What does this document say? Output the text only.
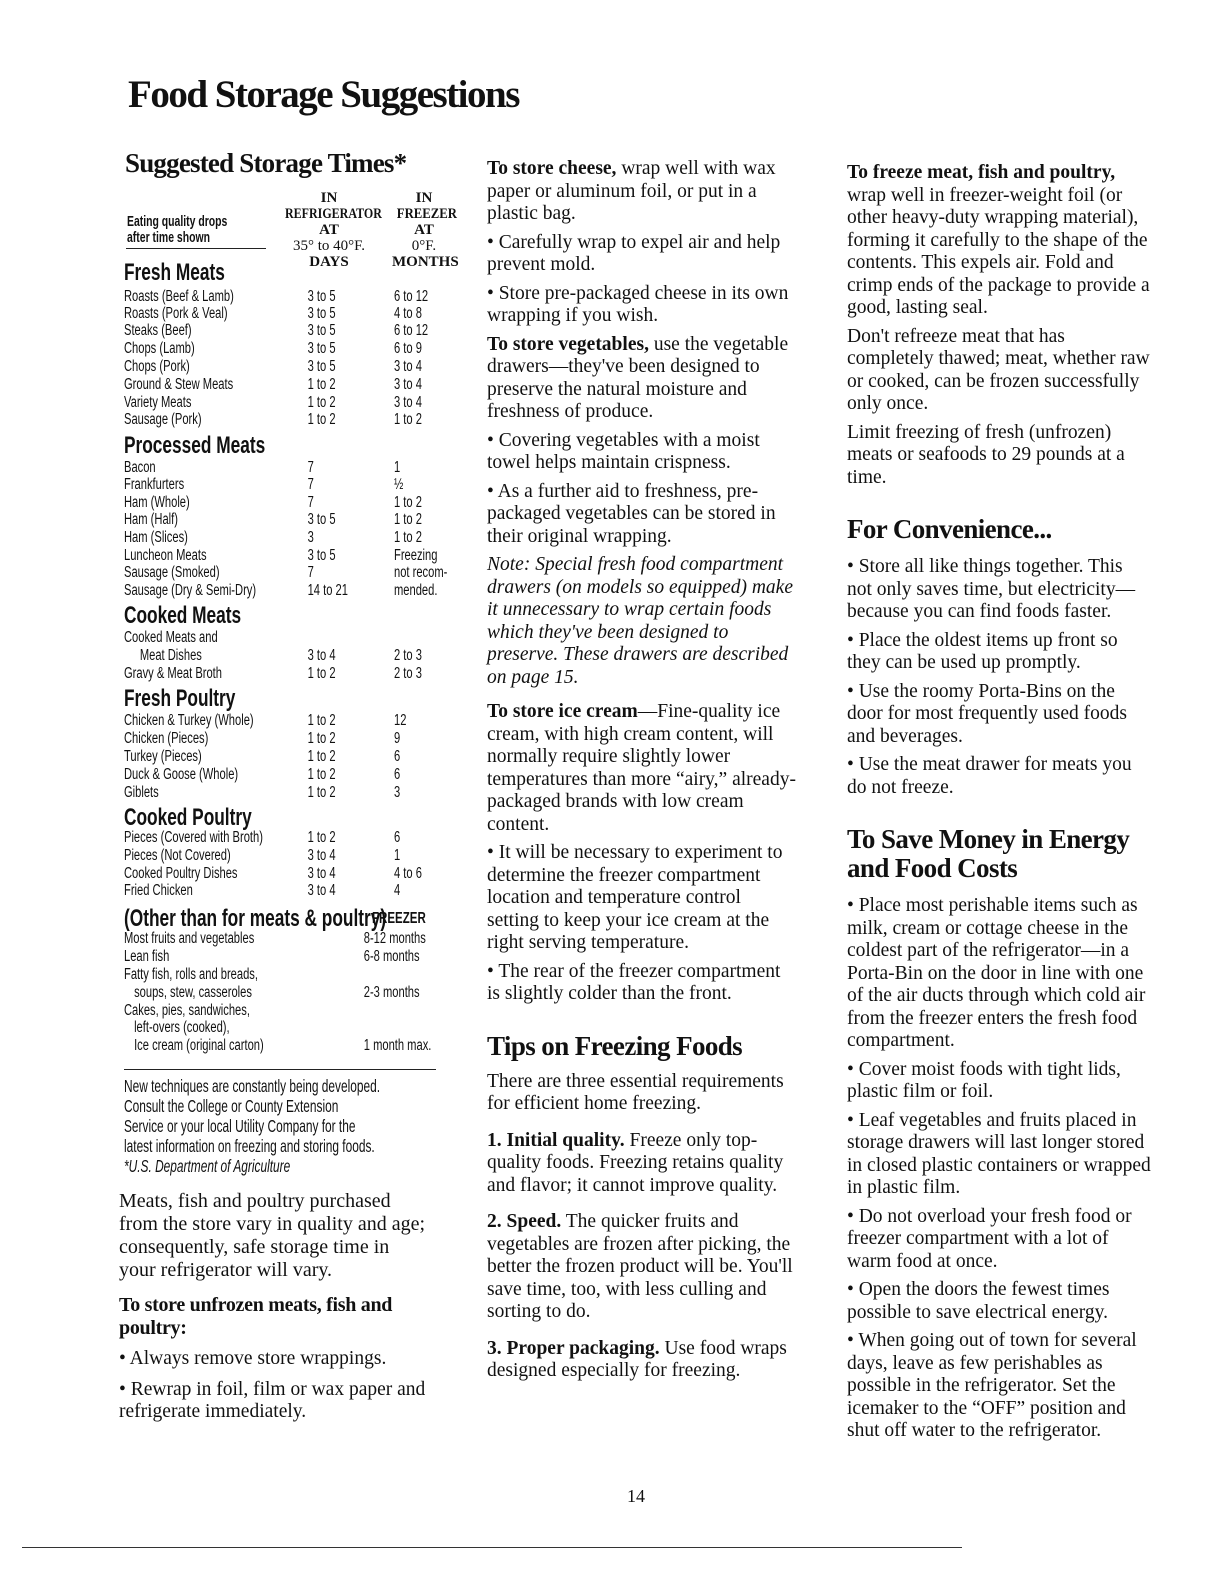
Food Storage Suggestions
Suggested Storage Times*
Eating quality drops
after time shown
IN
REFRIGERATOR
AT
35° to 40°F.
DAYS
IN
FREEZER
AT
0°F.
MONTHS
Fresh Meats
Processed Meats
Cooked Meats
Fresh Poultry
Cooked Poultry
(Other than for meats & poultry)
FREEZER
Roasts (Beef & Lamb)	3 to 5	6 to 12
Roasts (Pork & Veal)	3 to 5	4 to 8
Steaks (Beef)	3 to 5	6 to 12
Chops (Lamb)	3 to 5	6 to 9
Chops (Pork)	3 to 5	3 to 4
Ground & Stew Meats	1 to 2	3 to 4
Variety Meats	1 to 2	3 to 4
Sausage (Pork)	1 to 2	1 to 2
Bacon	7	1
Frankfurters	7	½
Ham (Whole)	7	1 to 2
Ham (Half)	3 to 5	1 to 2
Ham (Slices)	3	1 to 2
Luncheon Meats	3 to 5	Freezing
Sausage (Smoked)	7	not recom-
Sausage (Dry & Semi-Dry)	14 to 21	mended.
Cooked Meats and
Meat Dishes	3 to 4	2 to 3
Gravy & Meat Broth	1 to 2	2 to 3
Chicken & Turkey (Whole)	1 to 2	12
Chicken (Pieces)	1 to 2	9
Turkey (Pieces)	1 to 2	6
Duck & Goose (Whole)	1 to 2	6
Giblets	1 to 2	3
Pieces (Covered with Broth)	1 to 2	6
Pieces (Not Covered)	3 to 4	1
Cooked Poultry Dishes	3 to 4	4 to 6
Fried Chicken	3 to 4	4
Most fruits and vegetables	8-12 months
Lean fish	6-8 months
Fatty fish, rolls and breads,
soups, stew, casseroles	2-3 months
Cakes, pies, sandwiches,
left-overs (cooked),
Ice cream (original carton)	1 month max.
New techniques are constantly being developed.
Consult the College or County Extension
Service or your local Utility Company for the
latest information on freezing and storing foods.
*U.S. Department of Agriculture

Meats, fish and poultry purchased from the store vary in quality and age; consequently, safe storage time in your refrigerator will vary.

To store unfrozen meats, fish and poultry:

• Always remove store wrappings.

• Rewrap in foil, film or wax paper and refrigerate immediately.

To store cheese, wrap well with wax paper or aluminum foil, or put in a plastic bag.

• Carefully wrap to expel air and help prevent mold.

• Store pre-packaged cheese in its own wrapping if you wish.

To store vegetables, use the vegetable drawers—they've been designed to preserve the natural moisture and freshness of produce.

• Covering vegetables with a moist towel helps maintain crispness.

• As a further aid to freshness, pre-packaged vegetables can be stored in their original wrapping.

Note: Special fresh food compartment drawers (on models so equipped) make it unnecessary to wrap certain foods which they've been designed to preserve. These drawers are described on page 15.

To store ice cream—Fine-quality ice cream, with high cream content, will normally require slightly lower temperatures than more “airy,” already-packaged brands with low cream content.

• It will be necessary to experiment to determine the freezer compartment location and temperature control setting to keep your ice cream at the right serving temperature.

• The rear of the freezer compartment is slightly colder than the front.

Tips on Freezing Foods

There are three essential requirements for efficient home freezing.

1. Initial quality. Freeze only top-quality foods. Freezing retains quality and flavor; it cannot improve quality.

2. Speed. The quicker fruits and vegetables are frozen after picking, the better the frozen product will be. You'll save time, too, with less culling and sorting to do.

3. Proper packaging. Use food wraps designed especially for freezing.

To freeze meat, fish and poultry, wrap well in freezer-weight foil (or other heavy-duty wrapping material), forming it carefully to the shape of the contents. This expels air. Fold and crimp ends of the package to provide a good, lasting seal.

Don't refreeze meat that has completely thawed; meat, whether raw or cooked, can be frozen successfully only once.

Limit freezing of fresh (unfrozen) meats or seafoods to 29 pounds at a time.

For Convenience...

• Store all like things together. This not only saves time, but electricity—because you can find foods faster.

• Place the oldest items up front so they can be used up promptly.

• Use the roomy Porta-Bins on the door for most frequently used foods and beverages.

• Use the meat drawer for meats you do not freeze.

To Save Money in Energy and Food Costs

• Place most perishable items such as milk, cream or cottage cheese in the coldest part of the refrigerator—in a Porta-Bin on the door in line with one of the air ducts through which cold air from the freezer enters the fresh food compartment.

• Cover moist foods with tight lids, plastic film or foil.

• Leaf vegetables and fruits placed in storage drawers will last longer stored in closed plastic containers or wrapped in plastic film.

• Do not overload your fresh food or freezer compartment with a lot of warm food at once.

• Open the doors the fewest times possible to save electrical energy.

• When going out of town for several days, leave as few perishables as possible in the refrigerator. Set the icemaker to the “OFF” position and shut off water to the refrigerator.

14
